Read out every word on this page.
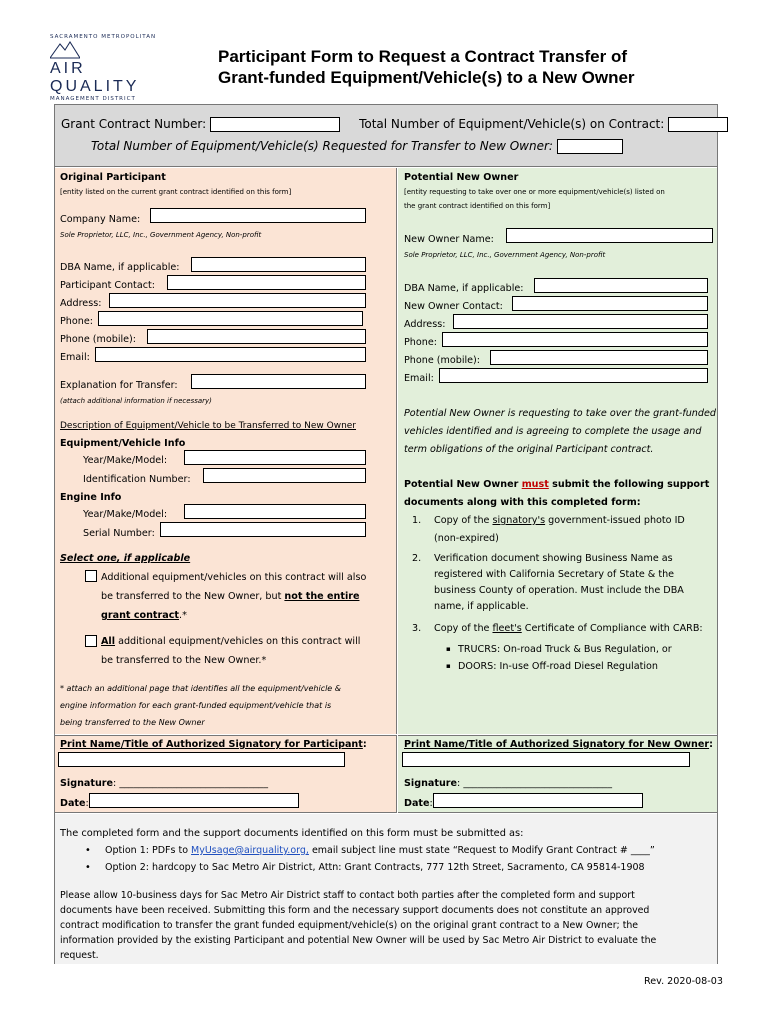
SACRAMENTO METROPOLITAN
AIR QUALITY
MANAGEMENT DISTRICT
Participant Form to Request a Contract Transfer of
Grant-funded Equipment/Vehicle(s) to a New Owner
Grant Contract Number:	Total Number of Equipment/Vehicle(s) on Contract:
Total Number of Equipment/Vehicle(s) Requested for Transfer to New Owner:
Original Participant
[entity listed on the current grant contract identified on this form]
Company Name:
Sole Proprietor, LLC, Inc., Government Agency, Non-profit
DBA Name, if applicable:
Participant Contact:
Address:
Phone:
Phone (mobile):
Email:
Explanation for Transfer:
(attach additional information if necessary)
Description of Equipment/Vehicle to be Transferred to New Owner
Equipment/Vehicle Info
Year/Make/Model:
Identification Number:
Engine Info
Year/Make/Model:
Serial Number:
Select one, if applicable
Additional equipment/vehicles on this contract will also
be transferred to the New Owner, but not the entire
grant contract.*
All additional equipment/vehicles on this contract will
be transferred to the New Owner.*
* attach an additional page that identifies all the equipment/vehicle &
engine information for each grant-funded equipment/vehicle that is
being transferred to the New Owner
Potential New Owner
[entity requesting to take over one or more equipment/vehicle(s) listed on
the grant contract identified on this form]
New Owner Name:
Sole Proprietor, LLC, Inc., Government Agency, Non-profit
DBA Name, if applicable:
New Owner Contact:
Address:
Phone:
Phone (mobile):
Email:
Potential New Owner is requesting to take over the grant-funded
vehicles identified and is agreeing to complete the usage and
term obligations of the original Participant contract.
Potential New Owner must submit the following support
documents along with this completed form:
1. Copy of the signatory's government-issued photo ID
(non-expired)
2. Verification document showing Business Name as
registered with California Secretary of State & the
business County of operation. Must include the DBA
name, if applicable.
3. Copy of the fleet's Certificate of Compliance with CARB:
▪ TRUCRS: On-road Truck & Bus Regulation, or
▪ DOORS: In-use Off-road Diesel Regulation
Print Name/Title of Authorized Signatory for Participant:
Signature: _______________________________
Date:
Print Name/Title of Authorized Signatory for New Owner:
Signature: _______________________________
Date:
The completed form and the support documents identified on this form must be submitted as:
• Option 1: PDFs to MyUsage@airquality.org, email subject line must state “Request to Modify Grant Contract # ____”
• Option 2: hardcopy to Sac Metro Air District, Attn: Grant Contracts, 777 12th Street, Sacramento, CA 95814-1908
Please allow 10-business days for Sac Metro Air District staff to contact both parties after the completed form and support
documents have been received. Submitting this form and the necessary support documents does not constitute an approved
contract modification to transfer the grant funded equipment/vehicle(s) on the original grant contract to a New Owner; the
information provided by the existing Participant and potential New Owner will be used by Sac Metro Air District to evaluate the
request.
Rev. 2020-08-03
